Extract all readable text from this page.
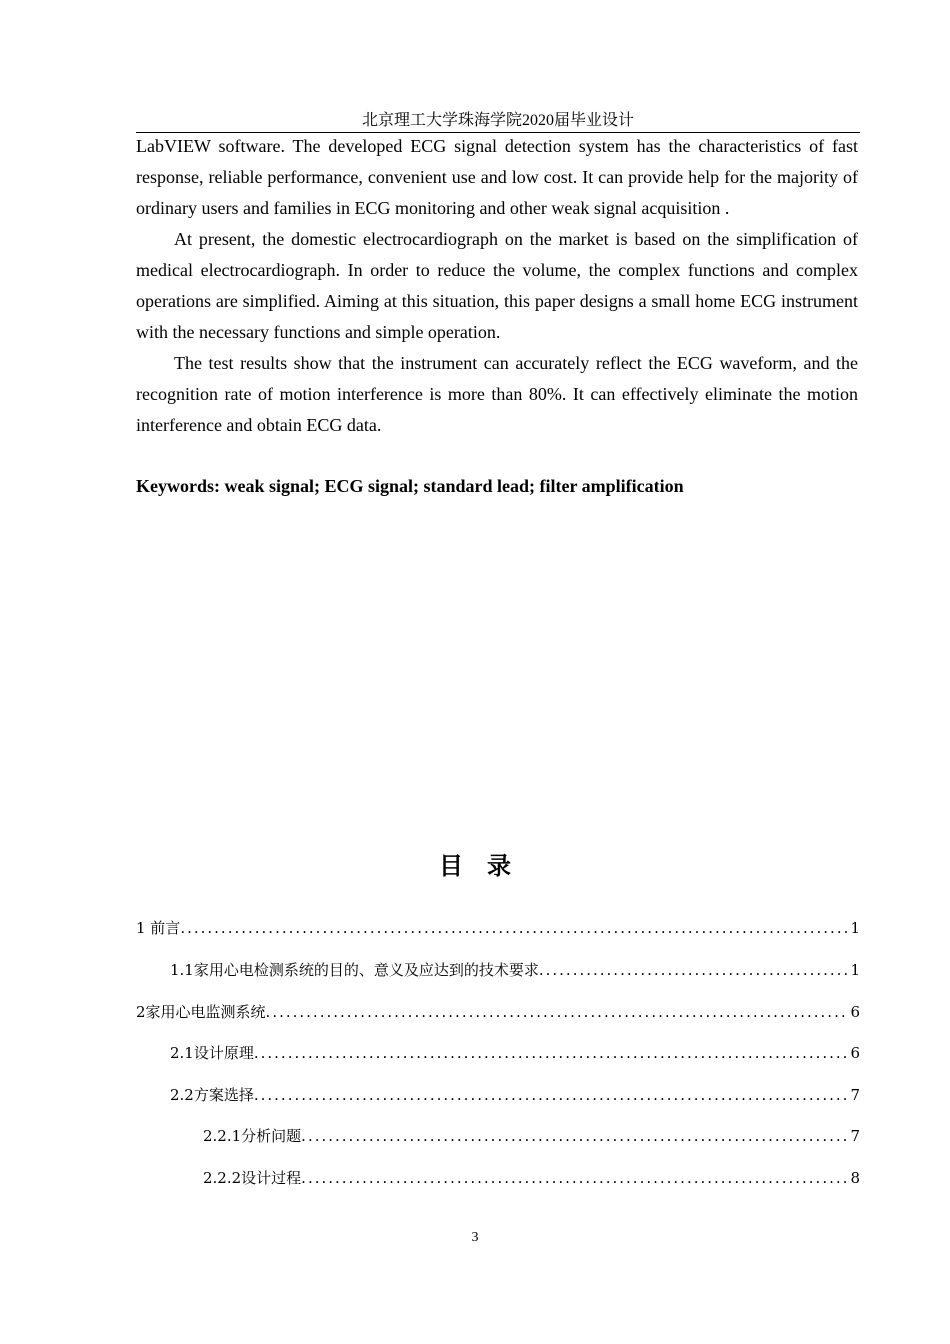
北京理工大学珠海学院2020届毕业设计

LabVIEW software. The developed ECG signal detection system has the characteristics of fast response, reliable performance, convenient use and low cost. It can provide help for the majority of ordinary users and families in ECG monitoring and other weak signal acquisition .

At present, the domestic electrocardiograph on the market is based on the simplification of medical electrocardiograph. In order to reduce the volume, the complex functions and complex operations are simplified. Aiming at this situation, this paper designs a small home ECG instrument with the necessary functions and simple operation.

The test results show that the instrument can accurately reflect the ECG waveform, and the recognition rate of motion interference is more than 80%. It can effectively eliminate the motion interference and obtain ECG data.

Keywords: weak signal; ECG signal; standard lead; filter amplification
目录
1 前言 .....	1
1.1家用心电检测系统的目的、意义及应达到的技术要求 .....	1
2家用心电监测系统 .....	6
2.1设计原理 .....	6
2.2方案选择 .....	7
2.2.1分析问题 .....	7
2.2.2设计过程 .....	8
3
